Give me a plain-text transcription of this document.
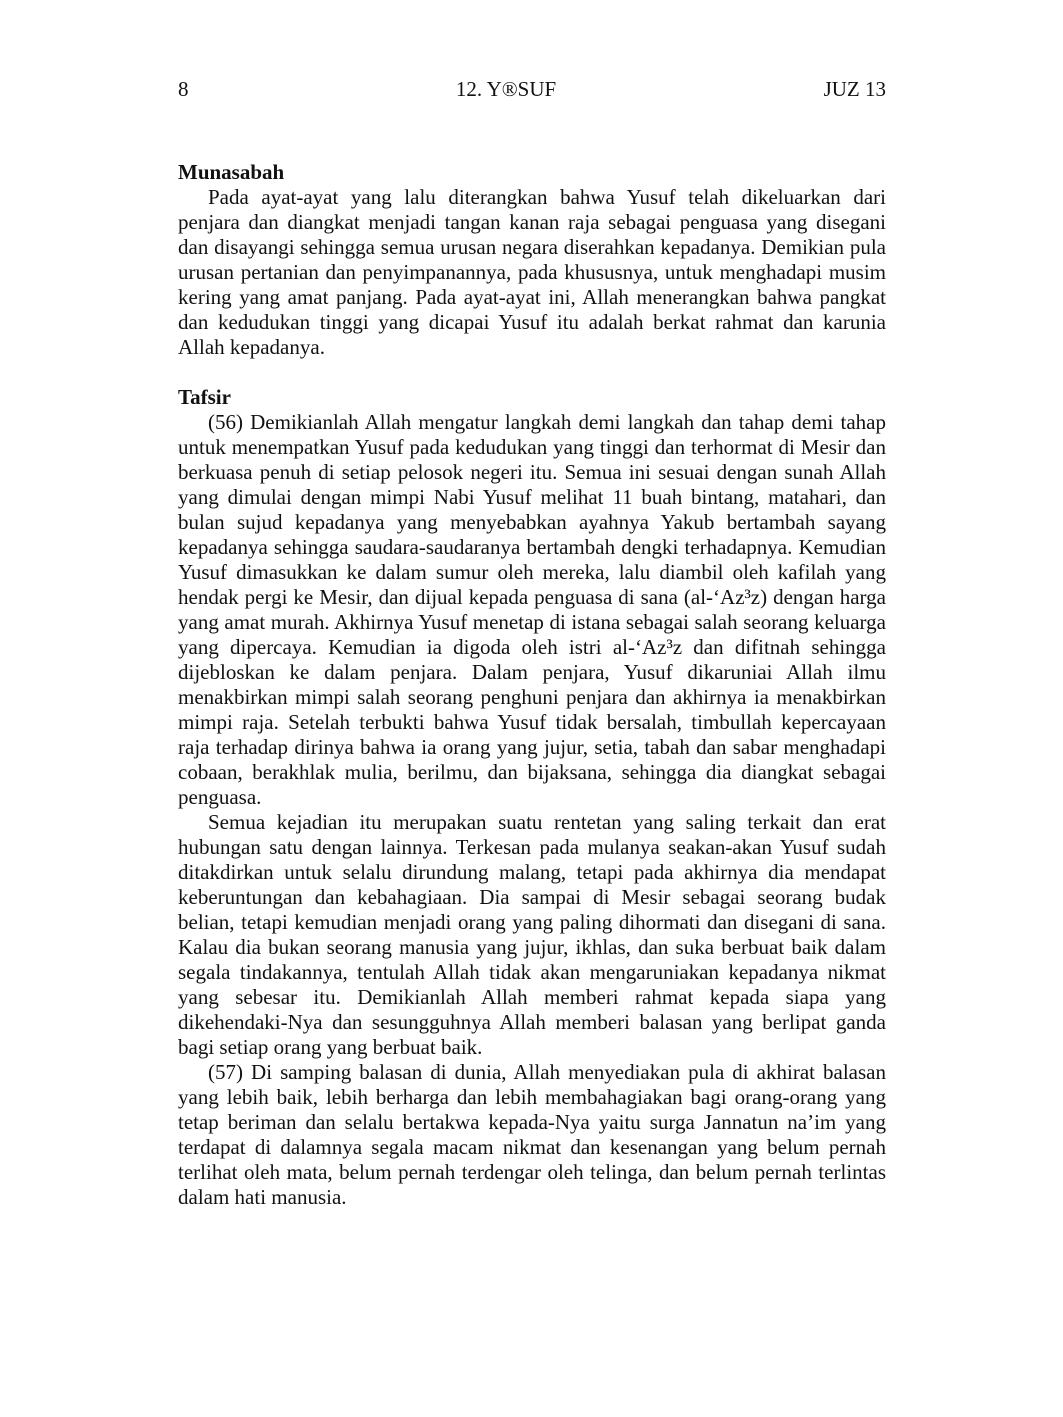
8	12. Y®SUF	JUZ 13
Munasabah

Pada ayat-ayat yang lalu diterangkan bahwa Yusuf telah dikeluarkan dari penjara dan diangkat menjadi tangan kanan raja sebagai penguasa yang disegani dan disayangi sehingga semua urusan negara diserahkan kepadanya. Demikian pula urusan pertanian dan penyimpanannya, pada khususnya, untuk menghadapi musim kering yang amat panjang. Pada ayat-ayat ini, Allah menerangkan bahwa pangkat dan kedudukan tinggi yang dicapai Yusuf itu adalah berkat rahmat dan karunia Allah kepadanya.

Tafsir

(56) Demikianlah Allah mengatur langkah demi langkah dan tahap demi tahap untuk menempatkan Yusuf pada kedudukan yang tinggi dan terhormat di Mesir dan berkuasa penuh di setiap pelosok negeri itu. Semua ini sesuai dengan sunah Allah yang dimulai dengan mimpi Nabi Yusuf melihat 11 buah bintang, matahari, dan bulan sujud kepadanya yang menyebabkan ayahnya Yakub bertambah sayang kepadanya sehingga saudara-saudaranya bertambah dengki terhadapnya. Kemudian Yusuf dimasukkan ke dalam sumur oleh mereka, lalu diambil oleh kafilah yang hendak pergi ke Mesir, dan dijual kepada penguasa di sana (al-‘Az³z) dengan harga yang amat murah. Akhirnya Yusuf menetap di istana sebagai salah seorang keluarga yang dipercaya. Kemudian ia digoda oleh istri al-‘Az³z dan difitnah sehingga dijebloskan ke dalam penjara. Dalam penjara, Yusuf dikaruniai Allah ilmu menakbirkan mimpi salah seorang penghuni penjara dan akhirnya ia menakbirkan mimpi raja. Setelah terbukti bahwa Yusuf tidak bersalah, timbullah kepercayaan raja terhadap dirinya bahwa ia orang yang jujur, setia, tabah dan sabar menghadapi cobaan, berakhlak mulia, berilmu, dan bijaksana, sehingga dia diangkat sebagai penguasa.

Semua kejadian itu merupakan suatu rentetan yang saling terkait dan erat hubungan satu dengan lainnya. Terkesan pada mulanya seakan-akan Yusuf sudah ditakdirkan untuk selalu dirundung malang, tetapi pada akhirnya dia mendapat keberuntungan dan kebahagiaan. Dia sampai di Mesir sebagai seorang budak belian, tetapi kemudian menjadi orang yang paling dihormati dan disegani di sana. Kalau dia bukan seorang manusia yang jujur, ikhlas, dan suka berbuat baik dalam segala tindakannya, tentulah Allah tidak akan mengaruniakan kepadanya nikmat yang sebesar itu. Demikianlah Allah memberi rahmat kepada siapa yang dikehendaki-Nya dan sesungguhnya Allah memberi balasan yang berlipat ganda bagi setiap orang yang berbuat baik.

(57) Di samping balasan di dunia, Allah menyediakan pula di akhirat balasan yang lebih baik, lebih berharga dan lebih membahagiakan bagi orang-orang yang tetap beriman dan selalu bertakwa kepada-Nya yaitu surga Jannatun na’im yang terdapat di dalamnya segala macam nikmat dan kesenangan yang belum pernah terlihat oleh mata, belum pernah terdengar oleh telinga, dan belum pernah terlintas dalam hati manusia.
